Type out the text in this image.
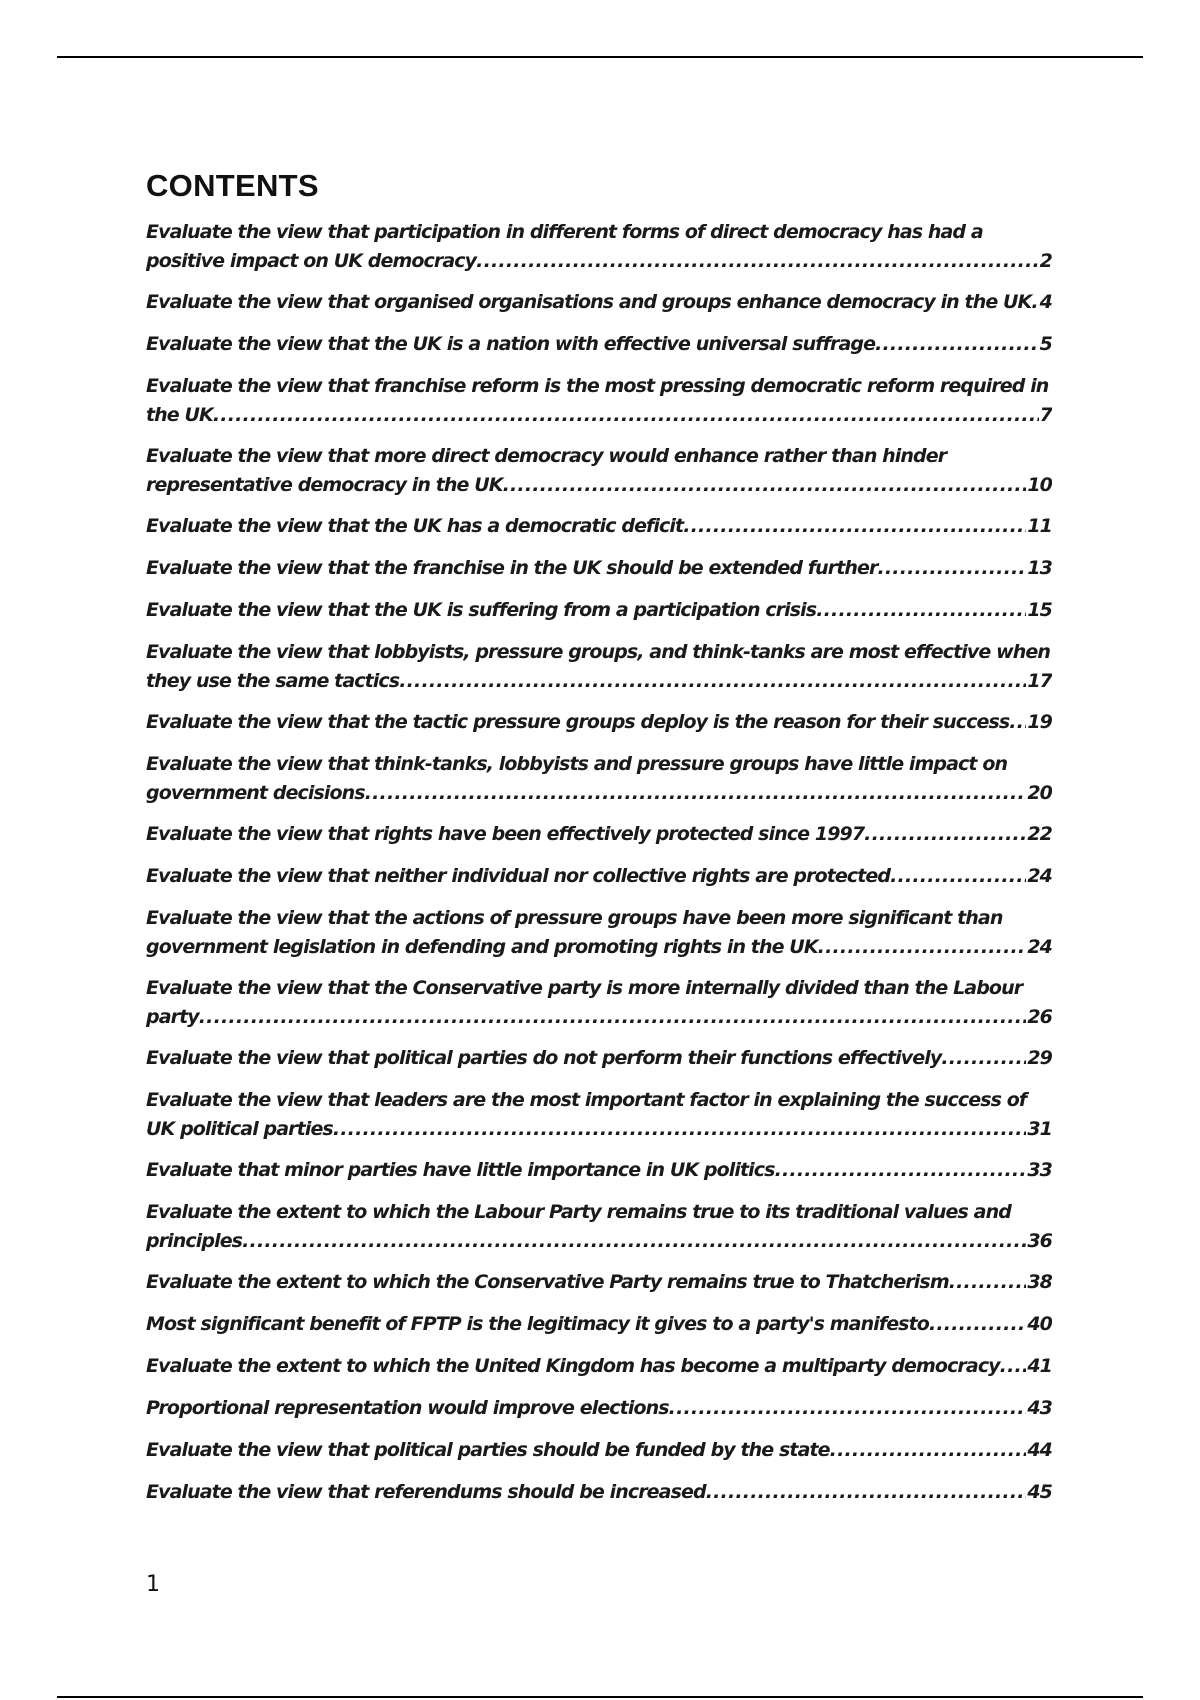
CONTENTS
Evaluate the view that participation in different forms of direct democracy has had a
positive impact on UK democracy .....	2
Evaluate the view that organised organisations and groups enhance democracy in the UK ..... 4
Evaluate the view that the UK is a nation with effective universal suffrage .....	5
Evaluate the view that franchise reform is the most pressing democratic reform required in
the UK .....	7
Evaluate the view that more direct democracy would enhance rather than hinder
representative democracy in the UK .....	10
Evaluate the view that the UK has a democratic deficit .....	11
Evaluate the view that the franchise in the UK should be extended further .....	13
Evaluate the view that the UK is suffering from a participation crisis .....	15
Evaluate the view that lobbyists, pressure groups, and think-tanks are most effective when
they use the same tactics .....	17
Evaluate the view that the tactic pressure groups deploy is the reason for their success ..... 19
Evaluate the view that think-tanks, lobbyists and pressure groups have little impact on
government decisions .....	20
Evaluate the view that rights have been effectively protected since 1997 .....	22
Evaluate the view that neither individual nor collective rights are protected .....	24
Evaluate the view that the actions of pressure groups have been more significant than
government legislation in defending and promoting rights in the UK .....	24
Evaluate the view that the Conservative party is more internally divided than the Labour
party .....	26
Evaluate the view that political parties do not perform their functions effectively .....	29
Evaluate the view that leaders are the most important factor in explaining the success of
UK political parties .....	31
Evaluate that minor parties have little importance in UK politics .....	33
Evaluate the extent to which the Labour Party remains true to its traditional values and
principles .....	36
Evaluate the extent to which the Conservative Party remains true to Thatcherism .....	38
Most significant benefit of FPTP is the legitimacy it gives to a party's manifesto .....	40
Evaluate the extent to which the United Kingdom has become a multiparty democracy ..... 41
Proportional representation would improve elections .....	43
Evaluate the view that political parties should be funded by the state .....	44
Evaluate the view that referendums should be increased .....	45
1
